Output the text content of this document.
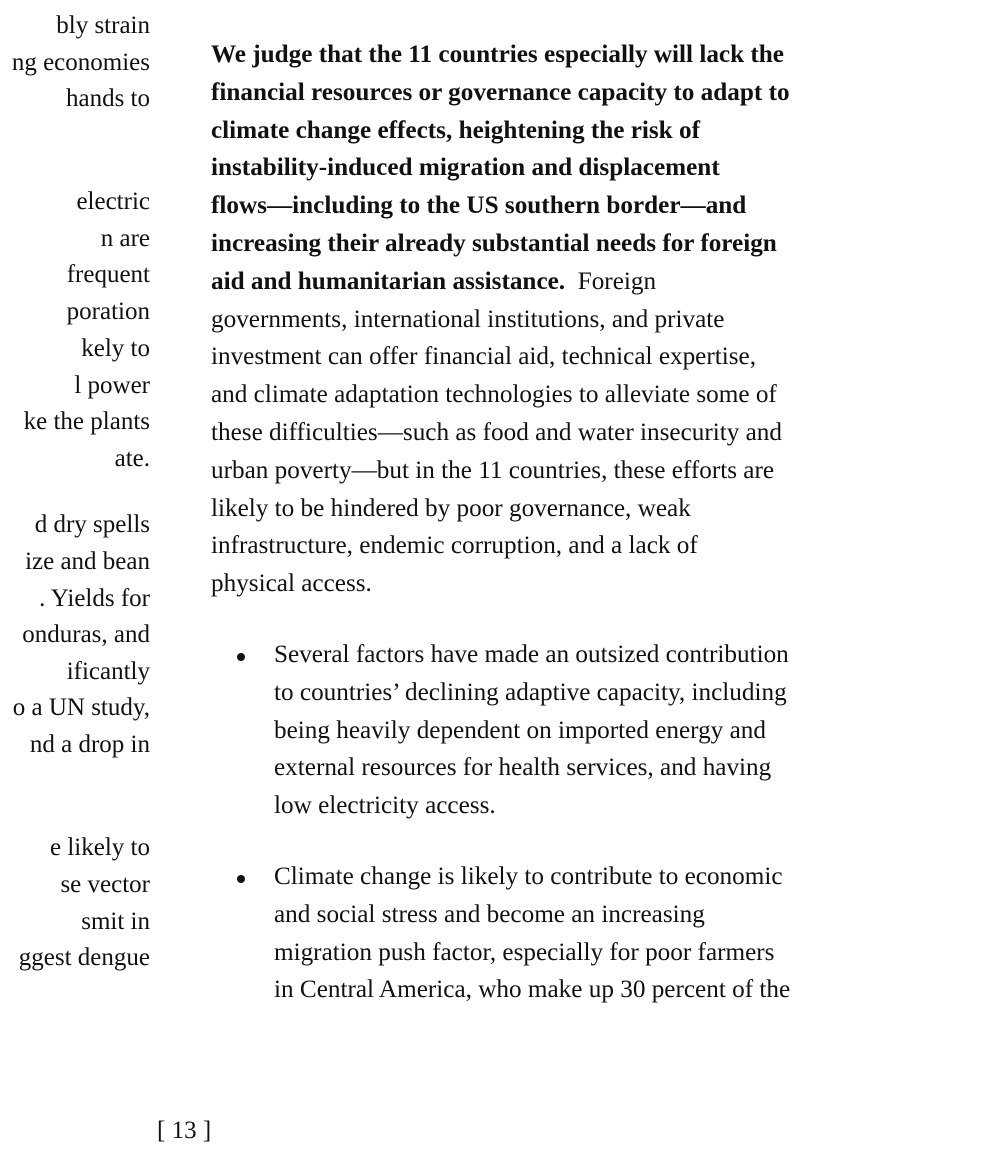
bly strain
ng economies
hands to
electric
n are
frequent
poration
kely to
l power
ke the plants
ate.
d dry spells
ize and bean
. Yields for
onduras, and
ificantly
o a UN study,
nd a drop in
e likely to
se vector
smit in
ggest dengue

We judge that the 11 countries especially will lack the
financial resources or governance capacity to adapt to
climate change effects, heightening the risk of
instability-induced migration and displacement
flows—including to the US southern border—and
increasing their already substantial needs for foreign
aid and humanitarian assistance. Foreign
governments, international institutions, and private
investment can offer financial aid, technical expertise,
and climate adaptation technologies to alleviate some of
these difficulties—such as food and water insecurity and
urban poverty—but in the 11 countries, these efforts are
likely to be hindered by poor governance, weak
infrastructure, endemic corruption, and a lack of
physical access.

Several factors have made an outsized contribution
to countries’ declining adaptive capacity, including
being heavily dependent on imported energy and
external resources for health services, and having
low electricity access.
Climate change is likely to contribute to economic
and social stress and become an increasing
migration push factor, especially for poor farmers
in Central America, who make up 30 percent of the
[ 13 ]
